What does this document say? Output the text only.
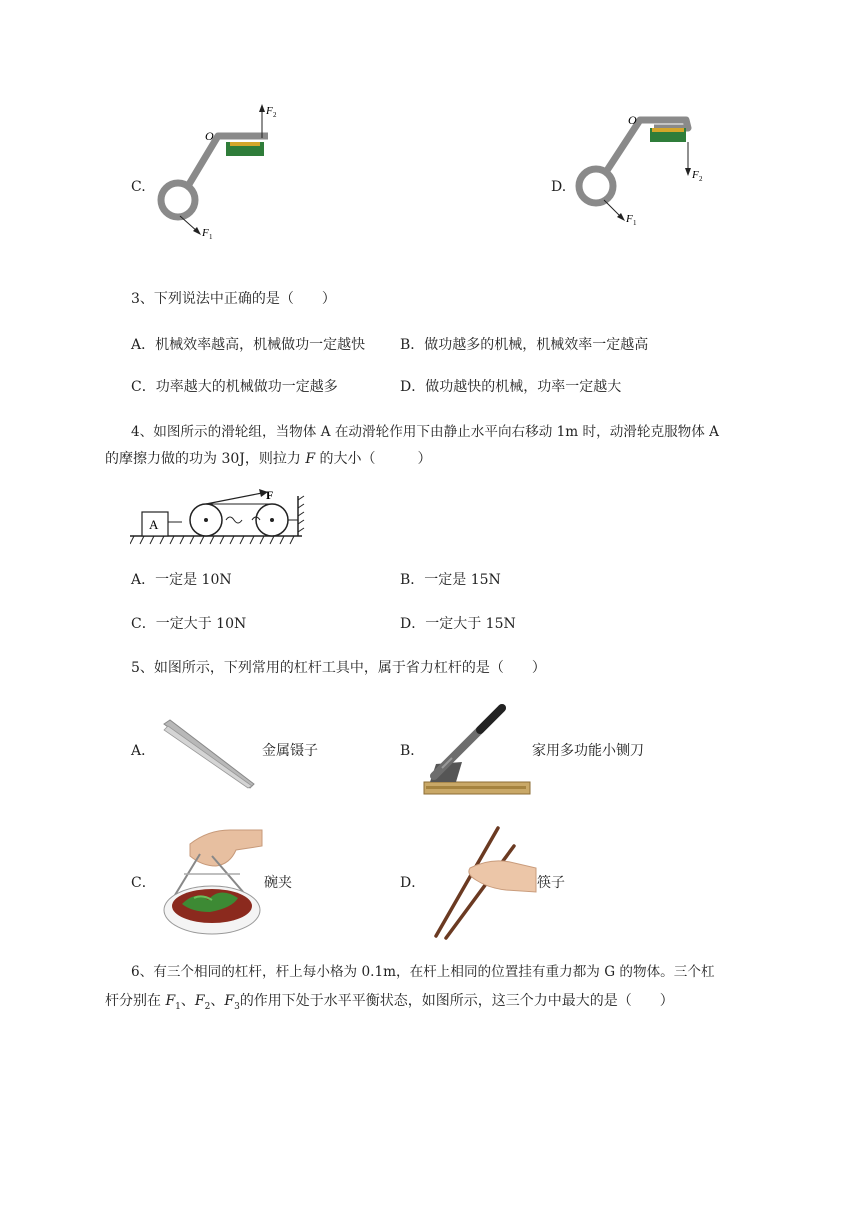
C.
F 2
O
F 1
D.
O
F 2
F 1
3、下列说法中正确的是（　　）
A．机械效率越高，机械做功一定越快 B．做功越多的机械，机械效率一定越高
C．功率越大的机械做功一定越多	D．做功越快的机械，功率一定越大
4、如图所示的滑轮组，当物体 A 在动滑轮作用下由静止水平向右移动 1m 时，动滑轮克服物体 A
的摩擦力做的功为 30J，则拉力 F 的大小（　　　）
A
F
A．一定是 10N	B．一定是 15N
C．一定大于 10N	D．一定大于 15N
5、如图所示，下列常用的杠杆工具中，属于省力杠杆的是（　　）
A．	金属镊子	B．	家用多功能小铡刀
C．	碗夹	D．	筷子
6、有三个相同的杠杆，杆上每小格为 0.1m，在杆上相同的位置挂有重力都为 G 的物体。三个杠
杆分别在 $F_1$、$F_2$、$F_3$的作用下处于水平平衡状态，如图所示，这三个力中最大的是（　　）
